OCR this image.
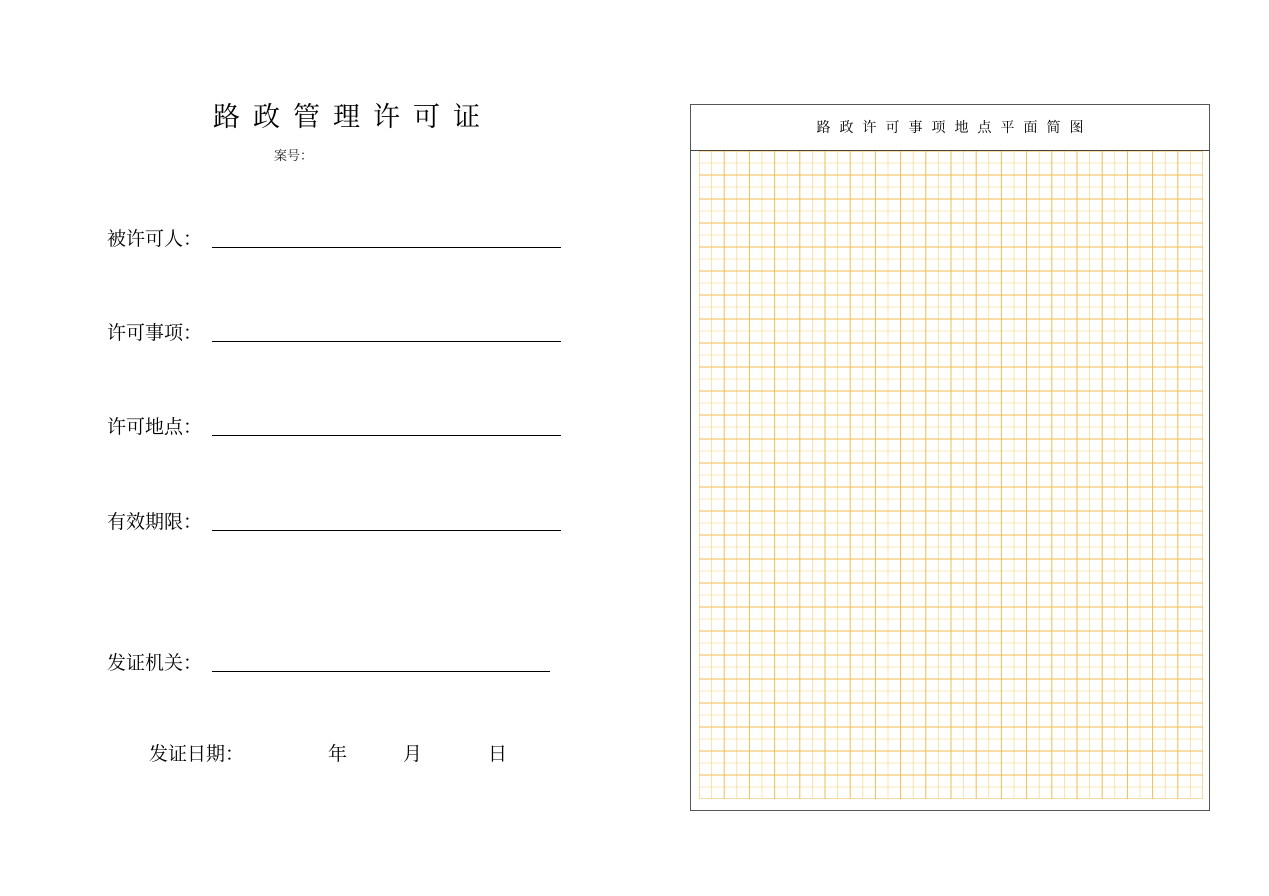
路政管理许可证
案号：
被许可人：
许可事项：
许可地点：
有效期限：
发证机关：
发证日期：	年	月	日
路政许可事项地点平面简图
